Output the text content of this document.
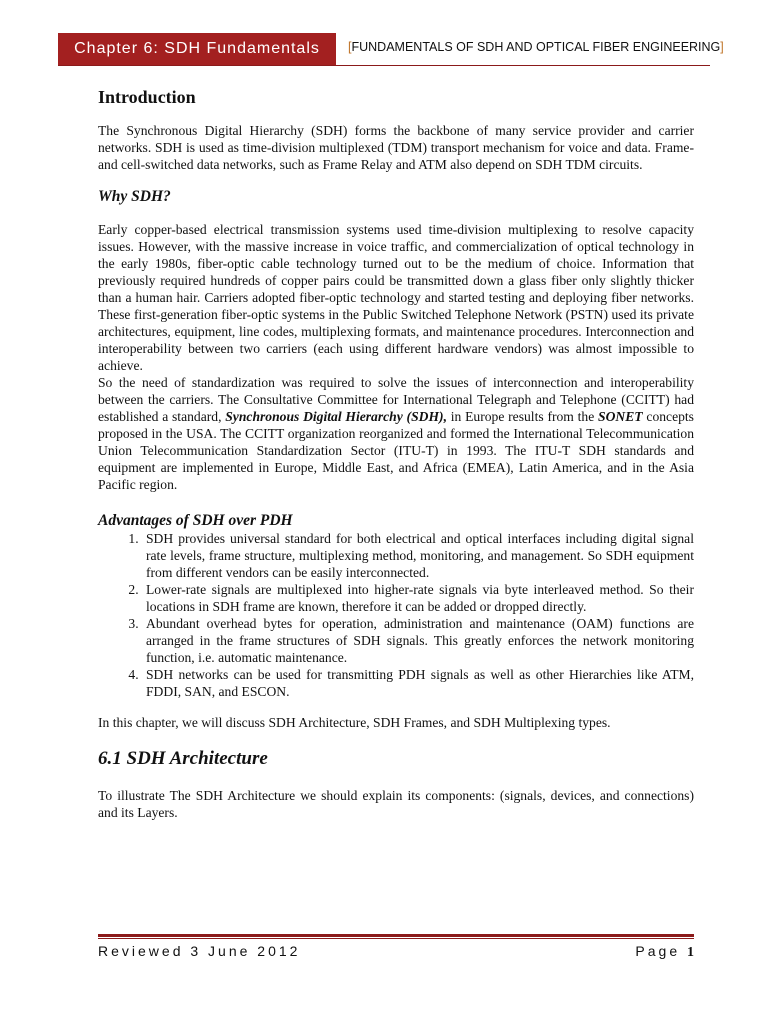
Chapter 6: SDH Fundamentals	[FUNDAMENTALS OF SDH AND OPTICAL FIBER ENGINEERING]
Introduction

The Synchronous Digital Hierarchy (SDH) forms the backbone of many service provider and carrier networks. SDH is used as time-division multiplexed (TDM) transport mechanism for voice and data. Frame- and cell-switched data networks, such as Frame Relay and ATM also depend on SDH TDM circuits.

Why SDH?

Early copper-based electrical transmission systems used time-division multiplexing to resolve capacity issues. However, with the massive increase in voice traffic, and commercialization of optical technology in the early 1980s, fiber-optic cable technology turned out to be the medium of choice. Information that previously required hundreds of copper pairs could be transmitted down a glass fiber only slightly thicker than a human hair. Carriers adopted fiber-optic technology and started testing and deploying fiber networks. These first-generation fiber-optic systems in the Public Switched Telephone Network (PSTN) used its private architectures, equipment, line codes, multiplexing formats, and maintenance procedures. Interconnection and interoperability between two carriers (each using different hardware vendors) was almost impossible to achieve.

So the need of standardization was required to solve the issues of interconnection and interoperability between the carriers. The Consultative Committee for International Telegraph and Telephone (CCITT) had established a standard, Synchronous Digital Hierarchy (SDH), in Europe results from the SONET concepts proposed in the USA. The CCITT organization reorganized and formed the International Telecommunication Union Telecommunication Standardization Sector (ITU-T) in 1993. The ITU-T SDH standards and equipment are implemented in Europe, Middle East, and Africa (EMEA), Latin America, and in the Asia Pacific region.

Advantages of SDH over PDH
1. SDH provides universal standard for both electrical and optical interfaces including digital signal rate levels, frame structure, multiplexing method, monitoring, and management. So SDH equipment from different vendors can be easily interconnected.
2. Lower-rate signals are multiplexed into higher-rate signals via byte interleaved method. So their locations in SDH frame are known, therefore it can be added or dropped directly.
3. Abundant overhead bytes for operation, administration and maintenance (OAM) functions are arranged in the frame structures of SDH signals. This greatly enforces the network monitoring function, i.e. automatic maintenance.
4. SDH networks can be used for transmitting PDH signals as well as other Hierarchies like ATM, FDDI, SAN, and ESCON.

In this chapter, we will discuss SDH Architecture, SDH Frames, and SDH Multiplexing types.

6.1 SDH Architecture

To illustrate The SDH Architecture we should explain its components: (signals, devices, and connections) and its Layers.

Reviewed 3 June 2012	Page 1
